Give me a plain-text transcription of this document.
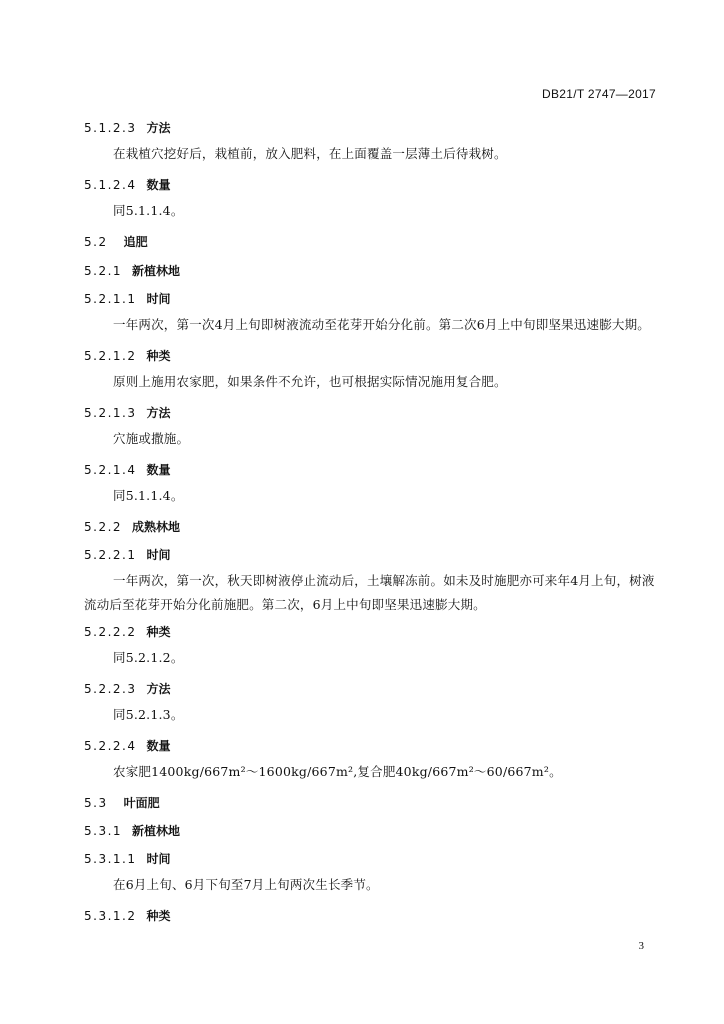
DB21/T 2747—2017
5.1.2.3 方法
在栽植穴挖好后，栽植前，放入肥料，在上面覆盖一层薄土后待栽树。
5.1.2.4 数量
同5.1.1.4。
5.2 追肥
5.2.1 新植林地
5.2.1.1 时间
一年两次，第一次4月上旬即树液流动至花芽开始分化前。第二次6月上中旬即坚果迅速膨大期。
5.2.1.2 种类
原则上施用农家肥，如果条件不允许，也可根据实际情况施用复合肥。
5.2.1.3 方法
穴施或撒施。
5.2.1.4 数量
同5.1.1.4。
5.2.2 成熟林地
5.2.2.1 时间
一年两次，第一次，秋天即树液停止流动后，土壤解冻前。如未及时施肥亦可来年4月上旬，树液流动后至花芽开始分化前施肥。第二次，6月上中旬即坚果迅速膨大期。
5.2.2.2 种类
同5.2.1.2。
5.2.2.3 方法
同5.2.1.3。
5.2.2.4 数量
农家肥1400kg/667m²～1600kg/667m²,复合肥40kg/667m²～60/667m²。
5.3 叶面肥
5.3.1 新植林地
5.3.1.1 时间
在6月上旬、6月下旬至7月上旬两次生长季节。
5.3.1.2 种类
3
